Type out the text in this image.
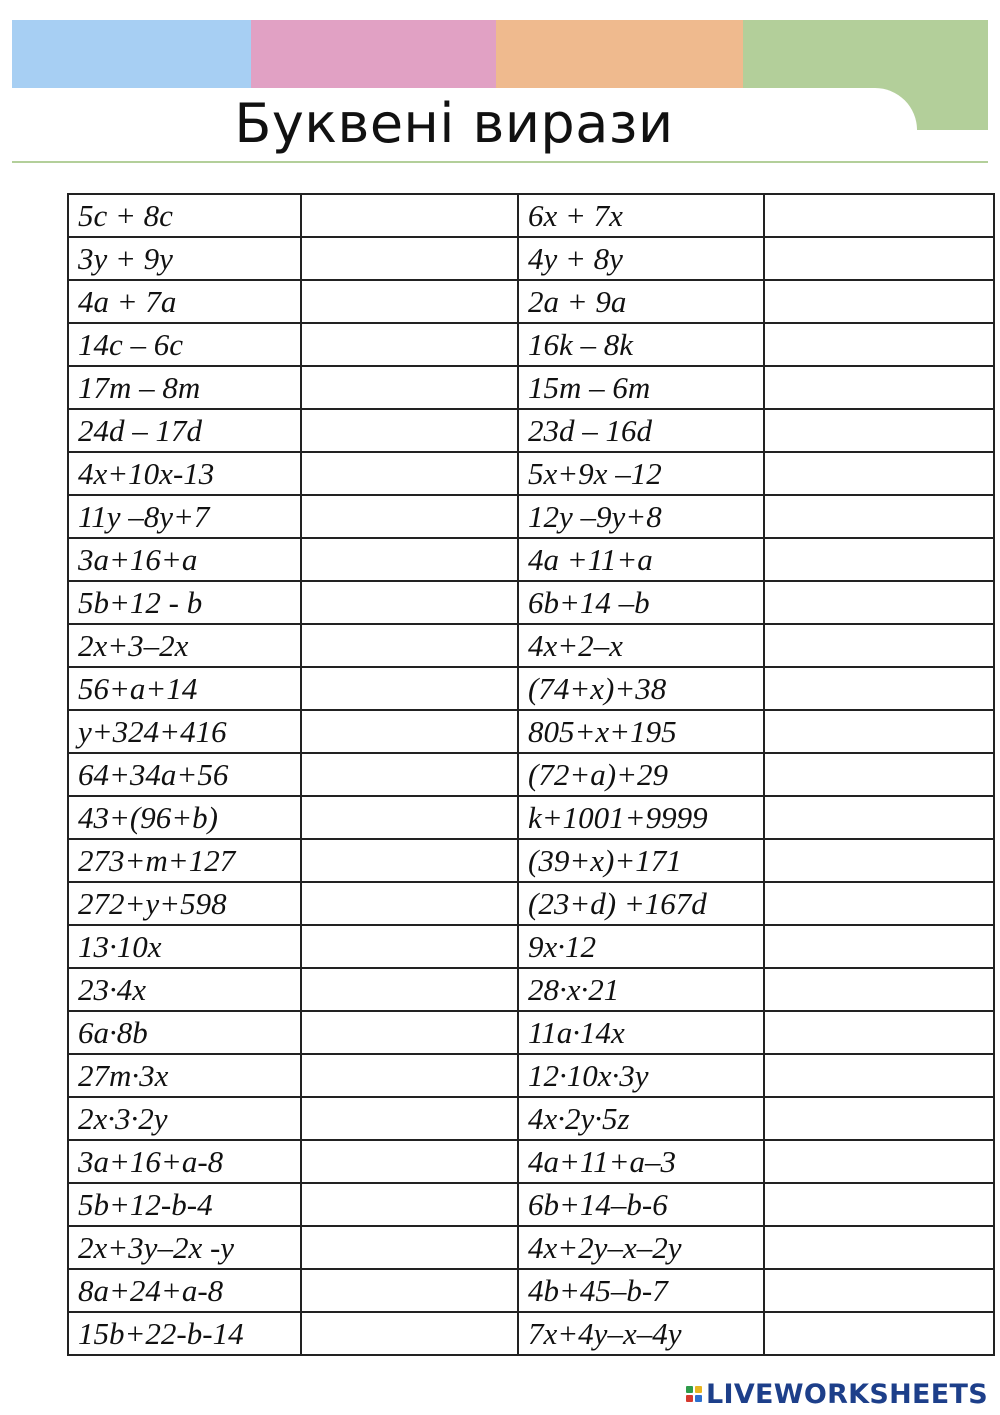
Буквені вирази
5c + 8c		6x + 7x	
3y + 9y		4y + 8y	
4a + 7a		2a + 9a	
14c – 6c		16k – 8k	
17m – 8m		15m – 6m	
24d – 17d		23d – 16d	
4x+10x-13		5x+9x –12	
11y –8y+7		12y –9y+8	
3a+16+a		4a +11+a	
5b+12 - b		6b+14 –b	
2x+3–2x		4x+2–x	
56+a+14		(74+x)+38	
y+324+416		805+x+195	
64+34a+56		(72+a)+29	
43+(96+b)		k+1001+9999	
273+m+127		(39+x)+171	
272+y+598		(23+d) +167d	
13·10x		9x·12	
23·4x		28·x·21	
6a·8b		11a·14x	
27m·3x		12·10x·3y	
2x·3·2y		4x·2y·5z	
3a+16+a-8		4a+11+a–3	
5b+12-b-4		6b+14–b-6	
2x+3y–2x -y		4x+2y–x–2y	
8a+24+a-8		4b+45–b-7	
15b+22-b-14		7x+4y–x–4y	
LIVEWORKSHEETS
